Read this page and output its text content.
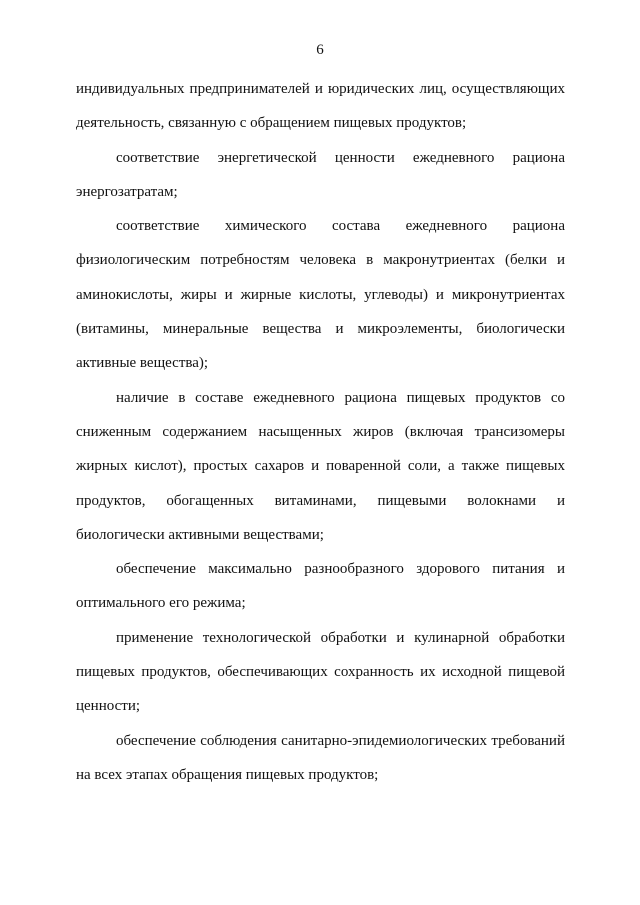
6

индивидуальных предпринимателей и юридических лиц, осуществляющих деятельность, связанную с обращением пищевых продуктов;

соответствие энергетической ценности ежедневного рациона энергозатратам;

соответствие химического состава ежедневного рациона физиологическим потребностям человека в макронутриентах (белки и аминокислоты, жиры и жирные кислоты, углеводы) и микронутриентах (витамины, минеральные вещества и микроэлементы, биологически активные вещества);

наличие в составе ежедневного рациона пищевых продуктов со сниженным содержанием насыщенных жиров (включая трансизомеры жирных кислот), простых сахаров и поваренной соли, а также пищевых продуктов, обогащенных витаминами, пищевыми волокнами и биологически активными веществами;

обеспечение максимально разнообразного здорового питания и оптимального его режима;

применение технологической обработки и кулинарной обработки пищевых продуктов, обеспечивающих сохранность их исходной пищевой ценности;

обеспечение соблюдения санитарно-эпидемиологических требований на всех этапах обращения пищевых продуктов;
